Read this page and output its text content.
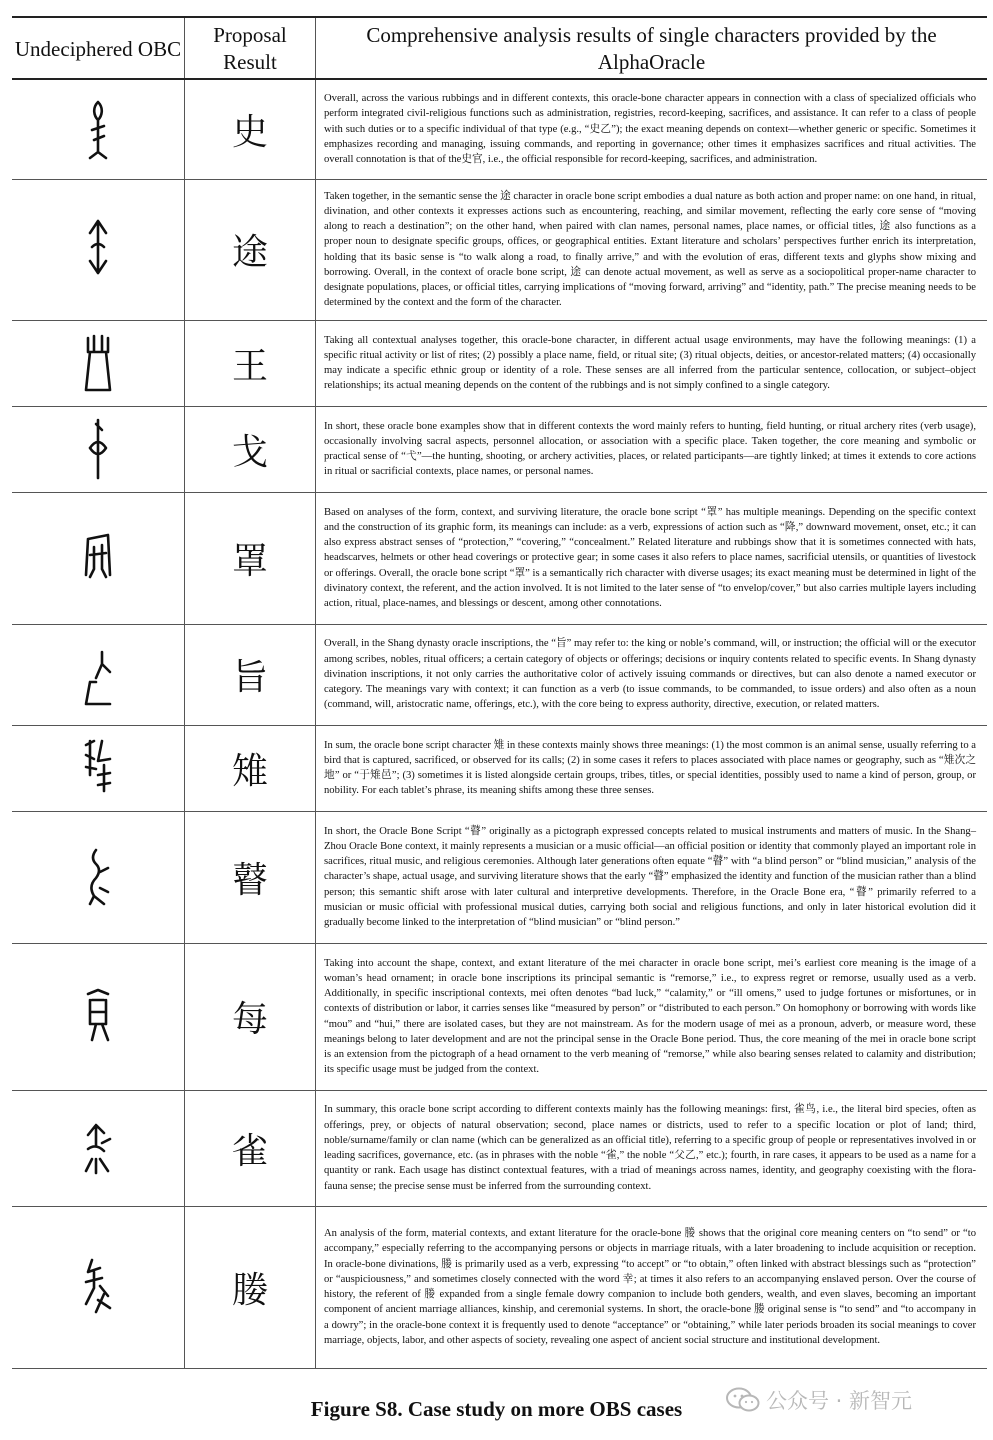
Undeciphered OBC	Proposal Result	Comprehensive analysis results of single characters provided by the AlphaOracle
	史	Overall, across the various rubbings and in different contexts, this oracle-bone character appears in connection with a class of specialized officials who perform integrated civil-religious functions such as administration, registries, record-keeping, sacrifices, and assistance. It can refer to a class of people with such duties or to a specific individual of that type (e.g., “史乙”); the exact meaning depends on context—whether generic or specific. Sometimes it emphasizes recording and managing, issuing commands, and reporting in governance; other times it emphasizes sacrifices and ritual activities. The overall connotation is that of the史官, i.e., the official responsible for record-keeping, sacrifices, and administration.
	途	Taken together, in the semantic sense the 途 character in oracle bone script embodies a dual nature as both action and proper name: on one hand, in ritual, divination, and other contexts it expresses actions such as encountering, reaching, and similar movement, reflecting the early core sense of “moving along to reach a destination”; on the other hand, when paired with clan names, personal names, place names, or official titles, 途 also functions as a proper noun to designate specific groups, offices, or geographical entities. Extant literature and scholars’ perspectives further enrich its interpretation, holding that its basic sense is “to walk along a road, to finally arrive,” and with the evolution of eras, different texts and glyphs show mixing and borrowing. Overall, in the context of oracle bone script, 途 can denote actual movement, as well as serve as a sociopolitical proper-name character to designate populations, places, or official titles, carrying implications of “moving forward, arriving” and “identity, path.” The precise meaning needs to be determined by the context and the form of the character.
	王	Taking all contextual analyses together, this oracle-bone character, in different actual usage environments, may have the following meanings: (1) a specific ritual activity or list of rites; (2) possibly a place name, field, or ritual site; (3) ritual objects, deities, or ancestor-related matters; (4) occasionally may indicate a specific ethnic group or identity of a role. These senses are all inferred from the particular sentence, collocation, or subject–object relationships; its actual meaning depends on the content of the rubbings and is not simply confined to a single category.
	戈	In short, these oracle bone examples show that in different contexts the word mainly refers to hunting, field hunting, or ritual archery rites (verb usage), occasionally involving sacral aspects, personnel allocation, or association with a specific place. Taken together, the core meaning and symbolic or practical sense of “弋”—the hunting, shooting, or archery activities, places, or related participants—are tightly linked; at times it extends to core actions in ritual or sacrificial contexts, place names, or personal names.
	罩	Based on analyses of the form, context, and surviving literature, the oracle bone script “罩” has multiple meanings. Depending on the specific context and the construction of its graphic form, its meanings can include: as a verb, expressions of action such as “降,” downward movement, onset, etc.; it can also express abstract senses of “protection,” “covering,” “concealment.” Related literature and rubbings show that it is sometimes connected with hats, headscarves, helmets or other head coverings or protective gear; in some cases it also refers to place names, sacrificial utensils, or quantities of livestock or offerings. Overall, the oracle bone script “罩” is a semantically rich character with diverse usages; its exact meaning must be determined in light of the divinatory context, the referent, and the action involved. It is not limited to the later sense of “to envelop/cover,” but also carries multiple layers including action, ritual, place-names, and blessings or descent, among other connotations.
	旨	Overall, in the Shang dynasty oracle inscriptions, the “旨” may refer to: the king or noble’s command, will, or instruction; the official will or the executor among scribes, nobles, ritual officers; a certain category of objects or offerings; decisions or inquiry contents related to specific events. In Shang dynasty divination inscriptions, it not only carries the authoritative color of actively issuing commands or directives, but can also denote a named executor or category. The meanings vary with context; it can function as a verb (to issue commands, to be commanded, to issue orders) and also often as a noun (command, will, aristocratic name, offerings, etc.), with the core being to express authority, directive, execution, or related matters.
	雉	In sum, the oracle bone script character 雉 in these contexts mainly shows three meanings: (1) the most common is an animal sense, usually referring to a bird that is captured, sacrificed, or observed for its calls; (2) in some cases it refers to places associated with place names or geography, such as “雉次之地” or “于雉邑”; (3) sometimes it is listed alongside certain groups, tribes, titles, or special identities, possibly used to name a kind of person, group, or nobility. For each tablet’s phrase, its meaning shifts among these three senses.
	瞽	In short, the Oracle Bone Script “瞽” originally as a pictograph expressed concepts related to musical instruments and matters of music. In the Shang–Zhou Oracle Bone context, it mainly represents a musician or a music official—an official position or identity that commonly played an important role in sacrifices, ritual music, and religious ceremonies. Although later generations often equate “瞽” with “a blind person” or “blind musician,” analysis of the character’s shape, actual usage, and surviving literature shows that the early “瞽” emphasized the identity and function of the musician rather than a blind person; this semantic shift arose with later cultural and interpretive developments. Therefore, in the Oracle Bone era, “瞽” primarily referred to a musician or music official with professional musical duties, carrying both social and religious functions, and only in later historical evolution did it gradually become linked to the interpretation of “blind musician” or “blind person.”
	每	Taking into account the shape, context, and extant literature of the mei character in oracle bone script, mei’s earliest core meaning is the image of a woman’s head ornament; in oracle bone inscriptions its principal semantic is “remorse,” i.e., to express regret or remorse, usually used as a verb. Additionally, in specific inscriptional contexts, mei often denotes “bad luck,” “calamity,” or “ill omens,” used to judge fortunes or misfortunes, or in contexts of distribution or labor, it carries senses like “measured by person” or “distributed to each person.” On homophony or borrowing with words like “mou” and “hui,” there are isolated cases, but they are not mainstream. As for the modern usage of mei as a pronoun, adverb, or measure word, these meanings belong to later development and are not the principal sense in the Oracle Bone period. Thus, the core meaning of the mei in oracle bone script is an extension from the pictograph of a head ornament to the verb meaning of “remorse,” while also bearing senses related to calamity and distribution; its specific usage must be judged from the context.
	雀	In summary, this oracle bone script according to different contexts mainly has the following meanings: first, 雀鸟, i.e., the literal bird species, often as offerings, prey, or objects of natural observation; second, place names or districts, used to refer to a specific location or plot of land; third, noble/surname/family or clan name (which can be generalized as an official title), referring to a specific group of people or representatives involved in or leading sacrifices, governance, etc. (as in phrases with the noble “雀,” the noble “父乙,” etc.); fourth, in rare cases, it appears to be used as a name for a quantity or rank. Each usage has distinct contextual features, with a triad of meanings across names, identity, and geography coexisting with the flora-fauna sense; the precise sense must be inferred from the surrounding context.
	媵	An analysis of the form, material contexts, and extant literature for the oracle-bone 媵 shows that the original core meaning centers on “to send” or “to accompany,” especially referring to the accompanying persons or objects in marriage rituals, with a later broadening to include acquisition or reception. In oracle-bone divinations, 媵 is primarily used as a verb, expressing “to accept” or “to obtain,” often linked with abstract blessings such as “protection” or “auspiciousness,” and sometimes closely connected with the word 幸; at times it also refers to an accompanying enslaved person. Over the course of history, the referent of 媵 expanded from a single female dowry companion to include both genders, wealth, and even slaves, becoming an important component of ancient marriage alliances, kinship, and ceremonial systems. In short, the oracle-bone 媵 original sense is “to send” and “to accompany in a dowry”; in the oracle-bone context it is frequently used to denote “acceptance” or “obtaining,” while later periods broaden its social meanings to cover marriage, objects, labor, and other aspects of society, revealing one aspect of ancient social structure and institutional development.
Figure S8. Case study on more OBS cases	公众号 · 新智元
